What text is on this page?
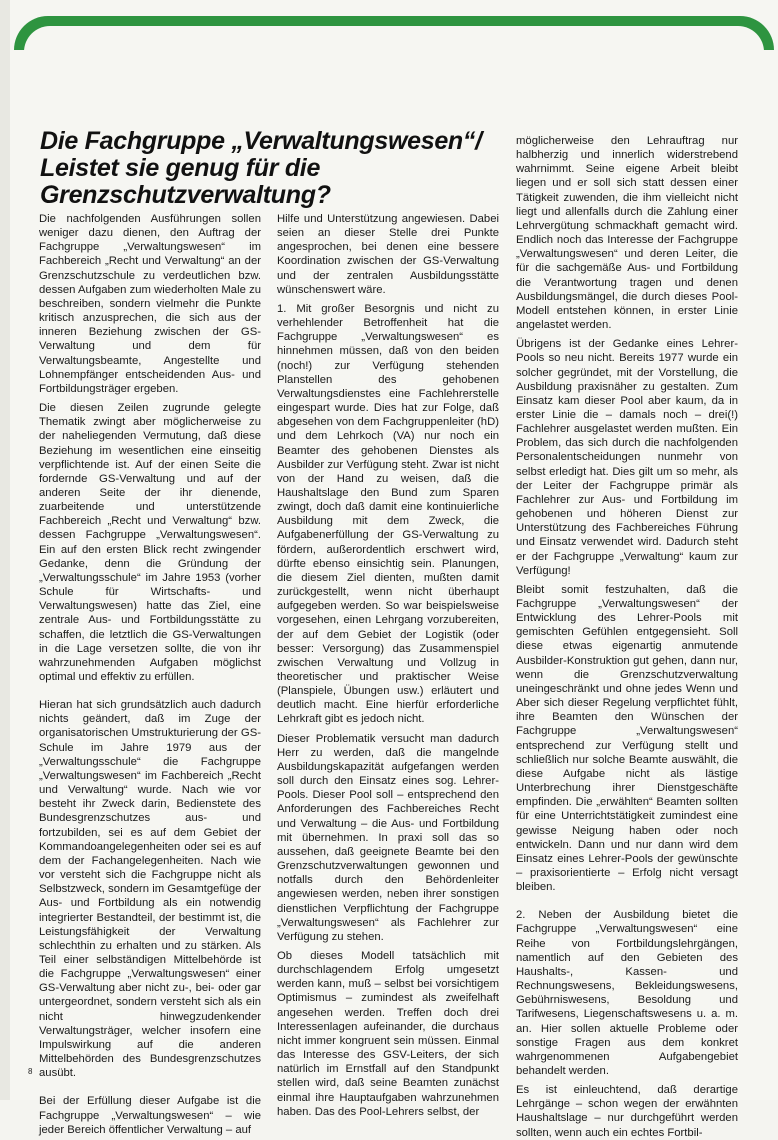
Die Fachgruppe „Verwaltungswesen“/
Leistet sie genug für die
Grenzschutzverwaltung?

Die nachfolgenden Ausführungen sollen weniger dazu dienen, den Auftrag der Fachgruppe „Verwaltungswesen“ im Fachbereich „Recht und Verwaltung“ an der Grenzschutzschule zu verdeutlichen bzw. dessen Aufgaben zum wiederholten Male zu beschreiben, sondern vielmehr die Punkte kritisch anzusprechen, die sich aus der inneren Beziehung zwischen der GS-Verwaltung und dem für Verwaltungsbeamte, Angestellte und Lohnempfänger entscheidenden Aus- und Fortbildungsträger ergeben.

Die diesen Zeilen zugrunde gelegte Thematik zwingt aber möglicherweise zu der naheliegenden Vermutung, daß diese Beziehung im wesentlichen eine einseitig verpflichtende ist. Auf der einen Seite die fordernde GS-Verwaltung und auf der anderen Seite der ihr dienende, zuarbeitende und unterstützende Fachbereich „Recht und Verwaltung“ bzw. dessen Fachgruppe „Verwaltungswesen“. Ein auf den ersten Blick recht zwingender Gedanke, denn die Gründung der „Verwaltungsschule“ im Jahre 1953 (vorher Schule für Wirtschafts- und Verwaltungswesen) hatte das Ziel, eine zentrale Aus- und Fortbildungsstätte zu schaffen, die letztlich die GS-Verwaltungen in die Lage versetzen sollte, die von ihr wahrzunehmenden Aufgaben möglichst optimal und effektiv zu erfüllen.

Hieran hat sich grundsätzlich auch dadurch nichts geändert, daß im Zuge der organisatorischen Umstrukturierung der GS-Schule im Jahre 1979 aus der „Verwaltungsschule“ die Fachgruppe „Verwaltungswesen“ im Fachbereich „Recht und Verwaltung“ wurde. Nach wie vor besteht ihr Zweck darin, Bedienstete des Bundesgrenzschutzes aus- und fortzubilden, sei es auf dem Gebiet der Kommandoangelegenheiten oder sei es auf dem der Fachangelegenheiten. Nach wie vor versteht sich die Fachgruppe nicht als Selbstzweck, sondern im Gesamtgefüge der Aus- und Fortbildung als ein notwendig integrierter Bestandteil, der bestimmt ist, die Leistungsfähigkeit der Verwaltung schlechthin zu erhalten und zu stärken. Als Teil einer selbständigen Mittelbehörde ist die Fachgruppe „Verwaltungswesen“ einer GS-Verwaltung aber nicht zu-, bei- oder gar untergeordnet, sondern versteht sich als ein nicht hinwegzudenkender Verwaltungsträger, welcher insofern eine Impulswirkung auf die anderen Mittelbehörden des Bundesgrenzschutzes ausübt.

Bei der Erfüllung dieser Aufgabe ist die Fachgruppe „Verwaltungswesen“ – wie jeder Bereich öffentlicher Verwaltung – auf

Hilfe und Unterstützung angewiesen. Dabei seien an dieser Stelle drei Punkte angesprochen, bei denen eine bessere Koordination zwischen der GS-Verwaltung und der zentralen Ausbildungsstätte wünschenswert wäre.

1. Mit großer Besorgnis und nicht zu verhehlender Betroffenheit hat die Fachgruppe „Verwaltungswesen“ es hinnehmen müssen, daß von den beiden (noch!) zur Verfügung stehenden Planstellen des gehobenen Verwaltungsdienstes eine Fachlehrerstelle eingespart wurde. Dies hat zur Folge, daß abgesehen von dem Fachgruppenleiter (hD) und dem Lehrkoch (VA) nur noch ein Beamter des gehobenen Dienstes als Ausbilder zur Verfügung steht. Zwar ist nicht von der Hand zu weisen, daß die Haushaltslage den Bund zum Sparen zwingt, doch daß damit eine kontinuierliche Ausbildung mit dem Zweck, die Aufgabenerfüllung der GS-Verwaltung zu fördern, außerordentlich erschwert wird, dürfte ebenso einsichtig sein. Planungen, die diesem Ziel dienten, mußten damit zurückgestellt, wenn nicht überhaupt aufgegeben werden. So war beispielsweise vorgesehen, einen Lehrgang vorzubereiten, der auf dem Gebiet der Logistik (oder besser: Versorgung) das Zusammenspiel zwischen Verwaltung und Vollzug in theoretischer und praktischer Weise (Planspiele, Übungen usw.) erläutert und deutlich macht. Eine hierfür erforderliche Lehrkraft gibt es jedoch nicht.

Dieser Problematik versucht man dadurch Herr zu werden, daß die mangelnde Ausbildungskapazität aufgefangen werden soll durch den Einsatz eines sog. Lehrer-Pools. Dieser Pool soll – entsprechend den Anforderungen des Fachbereiches Recht und Verwaltung – die Aus- und Fortbildung mit übernehmen. In praxi soll das so aussehen, daß geeignete Beamte bei den Grenzschutzverwaltungen gewonnen und notfalls durch den Behördenleiter angewiesen werden, neben ihrer sonstigen dienstlichen Verpflichtung der Fachgruppe „Verwaltungswesen“ als Fachlehrer zur Verfügung zu stehen.

Ob dieses Modell tatsächlich mit durchschlagendem Erfolg umgesetzt werden kann, muß – selbst bei vorsichtigem Optimismus – zumindest als zweifelhaft angesehen werden. Treffen doch drei Interessenlagen aufeinander, die durchaus nicht immer kongruent sein müssen. Einmal das Interesse des GSV-Leiters, der sich natürlich im Ernstfall auf den Standpunkt stellen wird, daß seine Beamten zunächst einmal ihre Hauptaufgaben wahrzunehmen haben. Das des Pool-Lehrers selbst, der

möglicherweise den Lehrauftrag nur halbherzig und innerlich widerstrebend wahrnimmt. Seine eigene Arbeit bleibt liegen und er soll sich statt dessen einer Tätigkeit zuwenden, die ihm vielleicht nicht liegt und allenfalls durch die Zahlung einer Lehrvergütung schmackhaft gemacht wird. Endlich noch das Interesse der Fachgruppe „Verwaltungswesen“ und deren Leiter, die für die sachgemäße Aus- und Fortbildung die Verantwortung tragen und denen Ausbildungsmängel, die durch dieses Pool-Modell entstehen können, in erster Linie angelastet werden.

Übrigens ist der Gedanke eines Lehrer-Pools so neu nicht. Bereits 1977 wurde ein solcher gegründet, mit der Vorstellung, die Ausbildung praxisnäher zu gestalten. Zum Einsatz kam dieser Pool aber kaum, da in erster Linie die – damals noch – drei(!) Fachlehrer ausgelastet werden mußten. Ein Problem, das sich durch die nachfolgenden Personalentscheidungen nunmehr von selbst erledigt hat. Dies gilt um so mehr, als der Leiter der Fachgruppe primär als Fachlehrer zur Aus- und Fortbildung im gehobenen und höheren Dienst zur Unterstützung des Fachbereiches Führung und Einsatz verwendet wird. Dadurch steht er der Fachgruppe „Verwaltung“ kaum zur Verfügung!

Bleibt somit festzuhalten, daß die Fachgruppe „Verwaltungswesen“ der Entwicklung des Lehrer-Pools mit gemischten Gefühlen entgegensieht. Soll diese etwas eigenartig anmutende Ausbilder-Konstruktion gut gehen, dann nur, wenn die Grenzschutzverwaltung uneingeschränkt und ohne jedes Wenn und Aber sich dieser Regelung verpflichtet fühlt, ihre Beamten den Wünschen der Fachgruppe „Verwaltungswesen“ entsprechend zur Verfügung stellt und schließlich nur solche Beamte auswählt, die diese Aufgabe nicht als lästige Unterbrechung ihrer Dienstgeschäfte empfinden. Die „erwählten“ Beamten sollten für eine Unterrichtstätigkeit zumindest eine gewisse Neigung haben oder noch entwickeln. Dann und nur dann wird dem Einsatz eines Lehrer-Pools der gewünschte – praxisorientierte – Erfolg nicht versagt bleiben.

2. Neben der Ausbildung bietet die Fachgruppe „Verwaltungswesen“ eine Reihe von Fortbildungslehrgängen, namentlich auf den Gebieten des Haushalts-, Kassen- und Rechnungswesens, Bekleidungswesens, Gebührniswesens, Besoldung und Tarifwesens, Liegenschaftswesens u. a. m. an. Hier sollen aktuelle Probleme oder sonstige Fragen aus dem konkret wahrgenommenen Aufgabengebiet behandelt werden.

Es ist einleuchtend, daß derartige Lehrgänge – schon wegen der erwähnten Haushaltslage – nur durchgeführt werden sollten, wenn auch ein echtes Fortbil-

8
